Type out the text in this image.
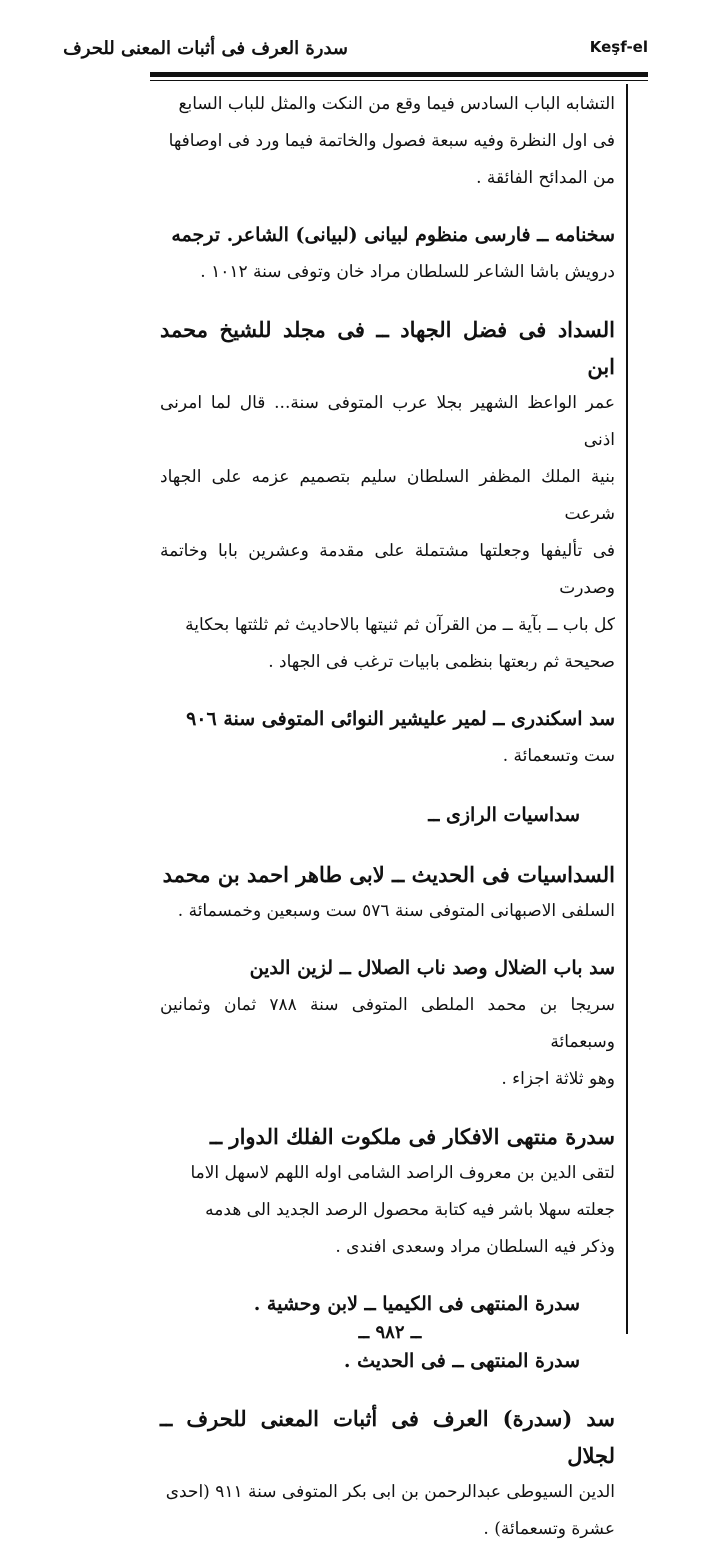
سدرة العرف فى أثبات المعنى للحرف	Keşf-el

التشابه الباب السادس فيما وقع من النكت والمثل للباب السابع

فى اول النظرة وفيه سبعة فصول والخاتمة فيما ورد فى اوصافها

من المدائح الفائقة .

سخنامه ــ فارسى منظوم لبيانى (لبيانى) الشاعر. ترجمه

درويش باشا الشاعر للسلطان مراد خان وتوفى سنة ١٠١٢ .

السداد فى فضل الجهاد ــ فى مجلد للشيخ محمد ابن

عمر الواعظ الشهير بجلا عرب المتوفى سنة... قال لما امرنى اذنى

بنية الملك المظفر السلطان سليم بتصميم عزمه على الجهاد شرعت

فى تأليفها وجعلتها مشتملة على مقدمة وعشرين بابا وخاتمة وصدرت

كل باب ــ بآية ــ من القرآن ثم ثنيتها بالاحاديث ثم ثلثتها بحكاية

صحيحة ثم ربعتها بنظمى بابيات ترغب فى الجهاد .

سد اسكندرى ــ لمير عليشير النوائى المتوفى سنة ٩٠٦

ست وتسعمائة .

سداسيات الرازى ــ

السداسيات فى الحديث ــ لابى طاهر احمد بن محمد

السلفى الاصبهانى المتوفى سنة ٥٧٦ ست وسبعين وخمسمائة .

سد باب الضلال وصد ناب الصلال ــ لزين الدين

سريجا بن محمد الملطى المتوفى سنة ٧٨٨ ثمان وثمانين وسبعمائة

وهو ثلاثة اجزاء .

سدرة منتهى الافكار فى ملكوت الفلك الدوار ــ

لتقى الدين بن معروف الراصد الشامى اوله اللهم لاسهل الاما

جعلته سهلا باشر فيه كتابة محصول الرصد الجديد الى هدمه

وذكر فيه السلطان مراد وسعدى افندى .

سدرة المنتهى فى الكيميا ــ لابن وحشية .

سدرة المنتهى ــ فى الحديث .

سد (سدرة) العرف فى أثبات المعنى للحرف ــ لجلال

الدين السيوطى عبدالرحمن بن ابى بكر المتوفى سنة ٩١١ (احدى

عشرة وتسعمائة) .

ــ ٩٨٢ ــ
